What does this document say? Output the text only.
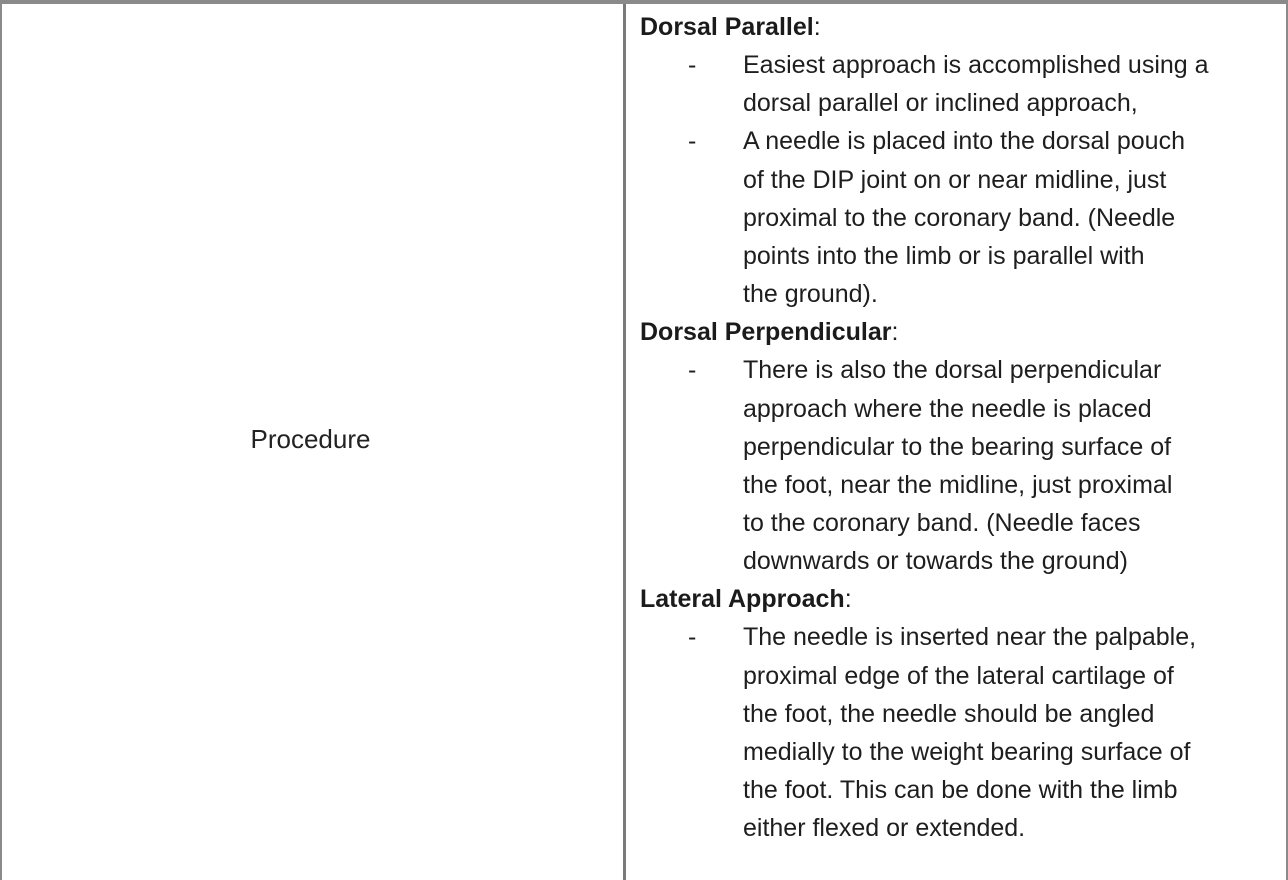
Procedure
Dorsal Parallel:
-	Easiest approach is accomplished using a
dorsal parallel or inclined approach,
-	A needle is placed into the dorsal pouch
of the DIP joint on or near midline, just
proximal to the coronary band. (Needle
points into the limb or is parallel with
the ground).
Dorsal Perpendicular:
-	There is also the dorsal perpendicular
approach where the needle is placed
perpendicular to the bearing surface of
the foot, near the midline, just proximal
to the coronary band. (Needle faces
downwards or towards the ground)
Lateral Approach:
-	The needle is inserted near the palpable,
proximal edge of the lateral cartilage of
the foot, the needle should be angled
medially to the weight bearing surface of
the foot. This can be done with the limb
either flexed or extended.
